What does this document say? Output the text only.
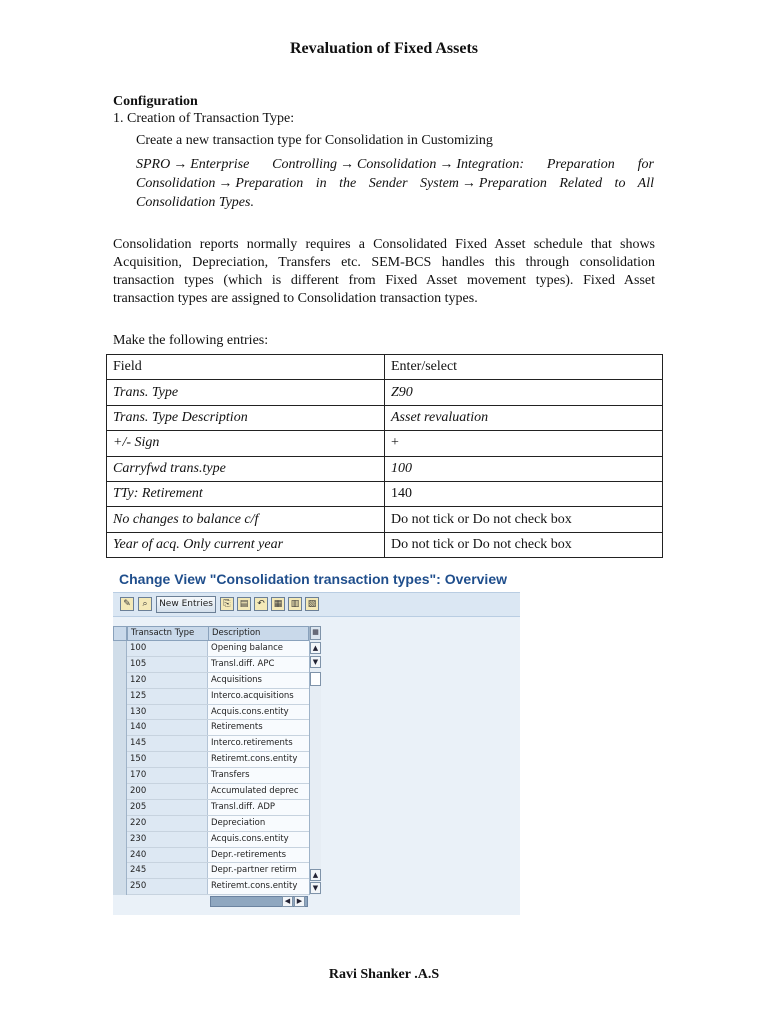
Revaluation of Fixed Assets
Configuration
1. Creation of Transaction Type:
Create a new transaction type for Consolidation in Customizing
SPRO → Enterprise Controlling → Consolidation → Integration: Preparation for
Consolidation → Preparation in the Sender System → Preparation Related to All
Consolidation Types.
Consolidation reports normally requires a Consolidated Fixed Asset schedule that shows
Acquisition, Depreciation, Transfers etc. SEM-BCS handles this through consolidation
transaction types (which is different from Fixed Asset movement types). Fixed Asset
transaction types are assigned to Consolidation transaction types.
Make the following entries:
Field	Enter/select
Trans. Type	Z90
Trans. Type Description	Asset revaluation
+/- Sign	+
Carryfwd trans.type	100
TTy: Retirement	140
No changes to balance c/f	Do not tick or Do not check box
Year of acq. Only current year	Do not tick or Do not check box
Change View "Consolidation transaction types": Overview
✎	⌕	New Entries	⎘	▤ ↶ ▦ ▥ ▧
Transactn Type	Description
100	Opening balance
105	Transl.diff. APC
120	Acquisitions
125	Interco.acquisitions
130	Acquis.cons.entity
140	Retirements
145	Interco.retirements
150	Retiremt.cons.entity
170	Transfers
200	Accumulated deprec
205	Transl.diff. ADP
220	Depreciation
230	Acquis.cons.entity
240	Depr.-retirements
245	Depr.-partner retirm
250	Retiremt.cons.entity
▦
▲
▼
▲
▼
◀ ▶
Ravi Shanker .A.S
